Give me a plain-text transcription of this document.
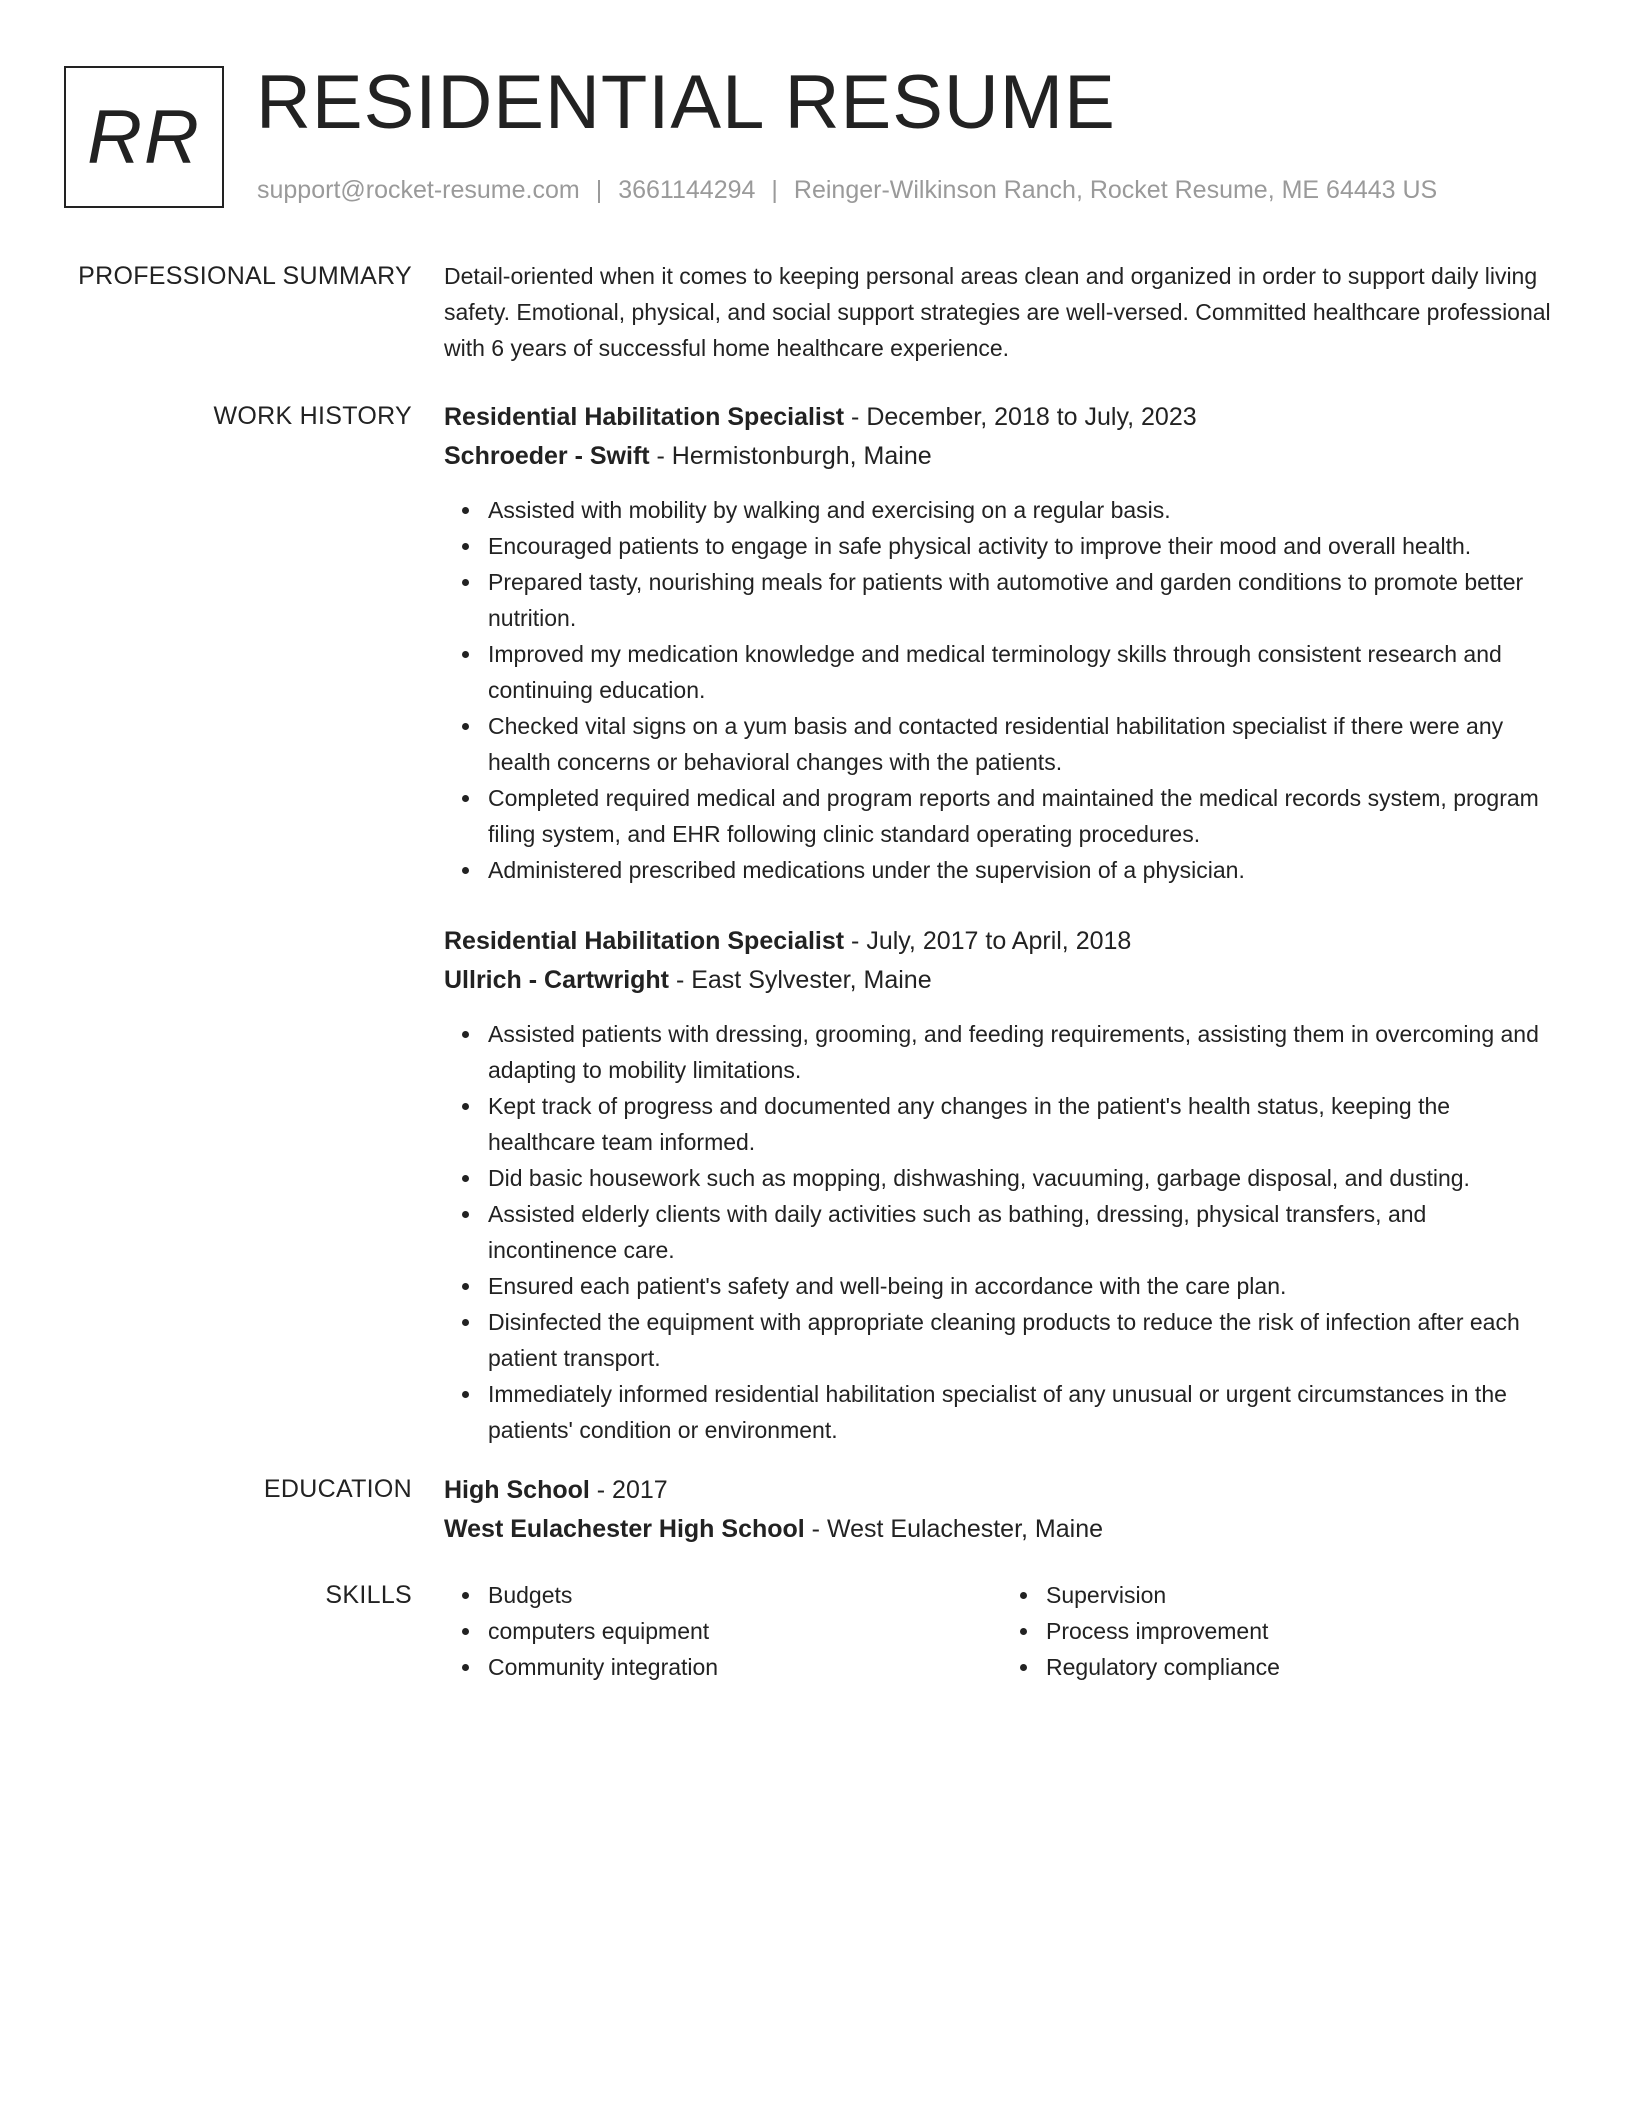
RR RESIDENTIAL RESUME
support@rocket-resume.com | 3661144294 | Reinger-Wilkinson Ranch, Rocket Resume, ME 64443 US
PROFESSIONAL SUMMARY Detail-oriented when it comes to keeping personal areas clean and organized in order to support daily living safety. Emotional, physical, and social support strategies are well-versed. Committed healthcare professional with 6 years of successful home healthcare experience.

WORK HISTORY Residential Habilitation Specialist - December, 2018 to July, 2023

Schroeder - Swift - Hermistonburgh, Maine

Assisted with mobility by walking and exercising on a regular basis.
Encouraged patients to engage in safe physical activity to improve their mood and overall health.
Prepared tasty, nourishing meals for patients with automotive and garden conditions to promote better nutrition.
Improved my medication knowledge and medical terminology skills through consistent research and continuing education.
Checked vital signs on a yum basis and contacted residential habilitation specialist if there were any health concerns or behavioral changes with the patients.
Completed required medical and program reports and maintained the medical records system, program filing system, and EHR following clinic standard operating procedures.
Administered prescribed medications under the supervision of a physician.

Residential Habilitation Specialist - July, 2017 to April, 2018

Ullrich - Cartwright - East Sylvester, Maine

Assisted patients with dressing, grooming, and feeding requirements, assisting them in overcoming and adapting to mobility limitations.
Kept track of progress and documented any changes in the patient's health status, keeping the healthcare team informed.
Did basic housework such as mopping, dishwashing, vacuuming, garbage disposal, and dusting.
Assisted elderly clients with daily activities such as bathing, dressing, physical transfers, and incontinence care.
Ensured each patient's safety and well-being in accordance with the care plan.
Disinfected the equipment with appropriate cleaning products to reduce the risk of infection after each patient transport.
Immediately informed residential habilitation specialist of any unusual or urgent circumstances in the patients' condition or environment.
EDUCATION High School - 2017

West Eulachester High School - West Eulachester, Maine

SKILLS	Budgets
computers equipment
Community integration
Supervision
Process improvement
Regulatory compliance
